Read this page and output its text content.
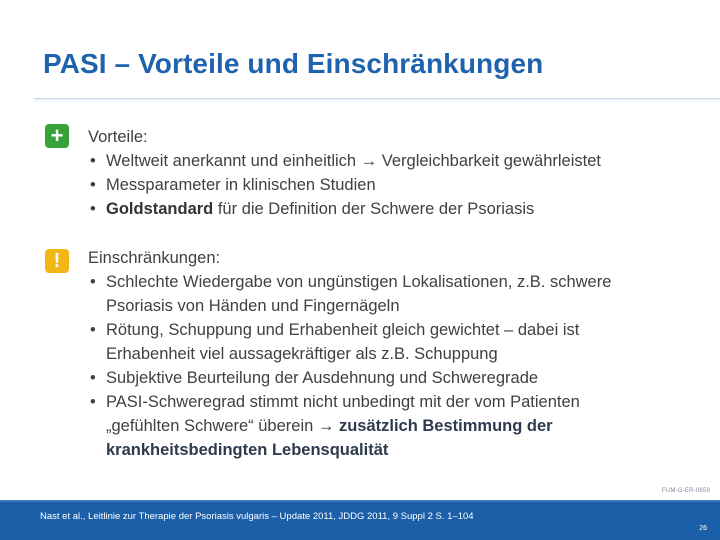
PASI – Vorteile und Einschränkungen
+	Vorteile:
• Weltweit anerkannt und einheitlich → Vergleichbarkeit gewährleistet
• Messparameter in klinischen Studien
• Goldstandard für die Definition der Schwere der Psoriasis
!	Einschränkungen:
• Schlechte Wiedergabe von ungünstigen Lokalisationen, z.B. schwere
Psoriasis von Händen und Fingernägeln
• Rötung, Schuppung und Erhabenheit gleich gewichtet – dabei ist
Erhabenheit viel aussagekräftiger als z.B. Schuppung
• Subjektive Beurteilung der Ausdehnung und Schweregrade
• PASI-Schweregrad stimmt nicht unbedingt mit der vom Patienten
„gefühlten Schwere“ überein → zusätzlich Bestimmung der
krankheitsbedingten Lebensqualität
FUM-G-ER-0659
Nast et al., Leitlinie zur Therapie der Psoriasis vulgaris – Update 2011, JDDG 2011, 9 Suppl 2 S. 1–104
26
